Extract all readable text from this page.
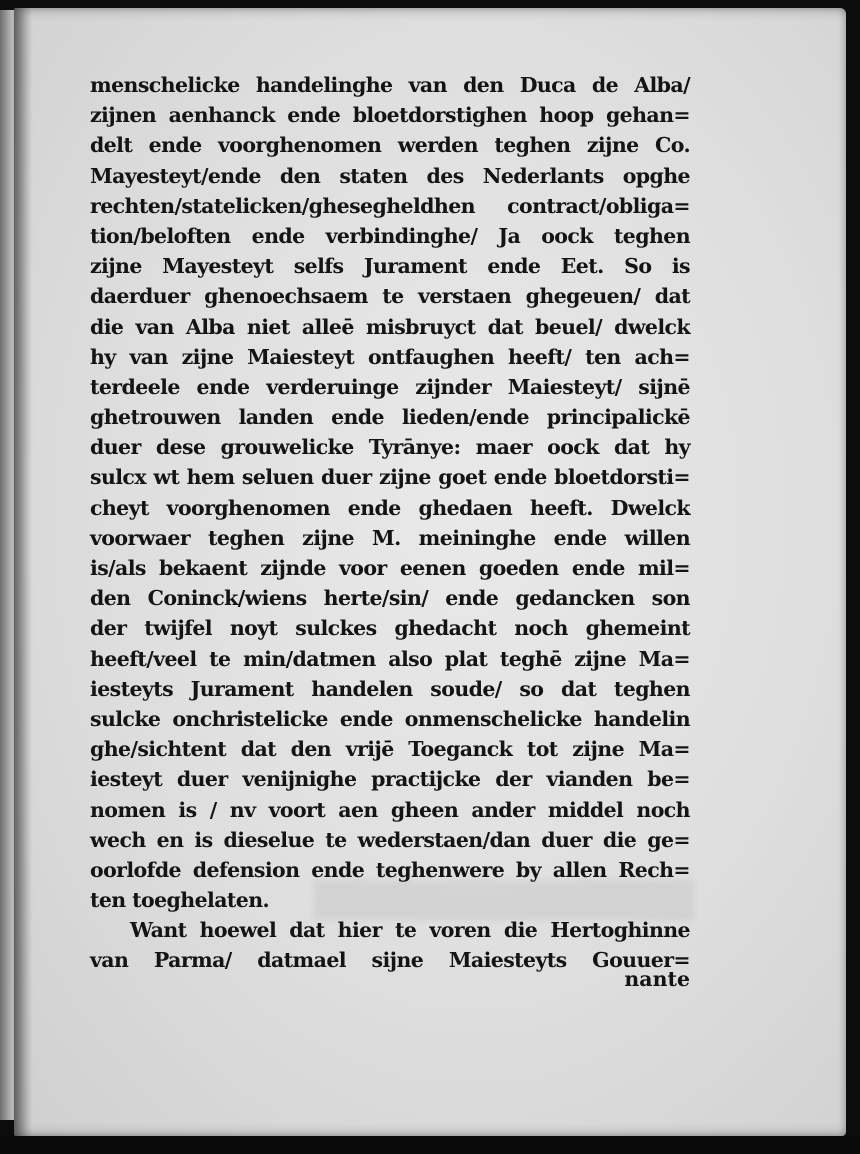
menschelicke handelinghe van den Duca de Alba/
zijnen aenhanck ende bloetdorstighen hoop gehan=
delt ende voorghenomen werden teghen zijne Co.
Mayesteyt/ende den staten des Nederlants opghe
rechten/statelicken/ghesegheldhen contract/obliga=
tion/beloften ende verbindinghe/ Ja oock teghen
zijne Mayesteyt selfs Jurament ende Eet. So is
daerduer ghenoechsaem te verstaen ghegeuen/ dat
die van Alba niet alleē misbruyct dat beuel/ dwelck
hy van zijne Maiesteyt ontfaughen heeft/ ten ach=
terdeele ende verderuinge zijnder Maiesteyt/ sijnē
ghetrouwen landen ende lieden/ende principalickē
duer dese grouwelicke Tyrānye: maer oock dat hy
sulcx wt hem seluen duer zijne goet ende bloetdorsti=
cheyt voorghenomen ende ghedaen heeft. Dwelck
voorwaer teghen zijne M. meininghe ende willen
is/als bekaent zijnde voor eenen goeden ende mil=
den Coninck/wiens herte/sin/ ende gedancken son
der twijfel noyt sulckes ghedacht noch ghemeint
heeft/veel te min/datmen also plat teghē zijne Ma=
iesteyts Jurament handelen soude/ so dat teghen
sulcke onchristelicke ende onmenschelicke handelin
ghe/sichtent dat den vrijē Toeganck tot zijne Ma=
iesteyt duer venijnighe practijcke der vianden be=
nomen is / nv voort aen gheen ander middel noch
wech en is dieselue te wederstaen/dan duer die ge=
oorlofde defension ende teghenwere by allen Rech=
ten toeghelaten.
Want hoewel dat hier te voren die Hertoghinne
van Parma/ datmael sijne Maiesteyts Gouuer=
nante
